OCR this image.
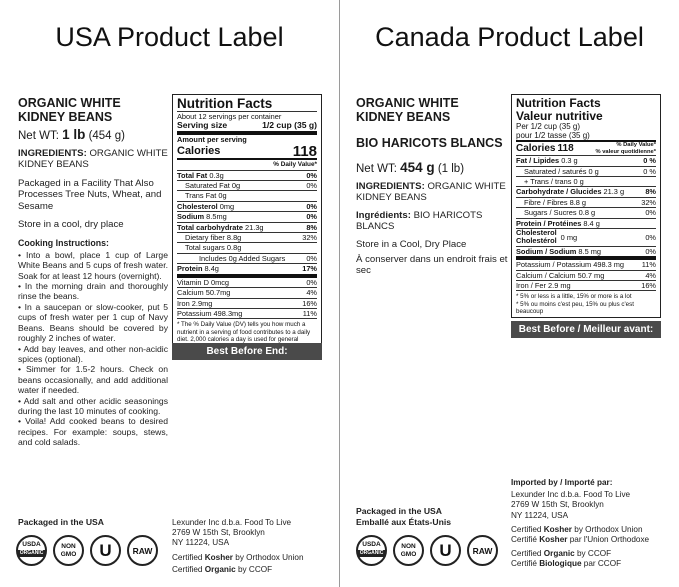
USA Product Label
ORGANIC WHITE KIDNEY BEANS
Net WT: 1 lb (454 g)
INGREDIENTS: ORGANIC WHITE KIDNEY BEANS
Packaged in a Facility That Also Processes Tree Nuts, Wheat, and Sesame
Store in a cool, dry place
Cooking Instructions:

• Into a bowl, place 1 cup of Large White Beans and 5 cups of fresh water. Soak for at least 12 hours (overnight).

• In the morning drain and thoroughly rinse the beans.

• In a saucepan or slow-cooker, put 5 cups of fresh water per 1 cup of Navy Beans. Beans should be covered by roughly 2 inches of water.

• Add bay leaves, and other non-acidic spices (optional).

• Simmer for 1.5-2 hours. Check on beans occasionally, and add additional water if needed.

• Add salt and other acidic seasonings during the last 10 minutes of cooking.

• Voila! Add cooked beans to desired recipes. For example: soups, stews, and cold salads.

Nutrition Facts
About 12 servings per container
Serving size	1/2 cup (35 g)
Amount per serving
Calories	118
% Daily Value*
Total Fat 0.3g	0%
Saturated Fat 0g	0%
Trans Fat 0g
Cholesterol 0mg	0%
Sodium 8.5mg	0%
Total carbohydrate 21.3g	8%
Dietary fiber 8.8g	32%
Total sugars 0.8g
Includes 0g Added Sugars	0%
Protein 8.4g	17%
Vitamin D 0mcg	0%
Calcium 50.7mg	4%
Iron 2.9mg	16%
Potassium 498.3mg	11%
* The % Daily Value (DV) tells you how much a nutrient in a serving of food contributes to a daily diet. 2,000 calories a day is used for general
Best Before End:
Packaged in the USA
USDA
ORGANIC
NON GMO	U	RAW
Lexunder Inc d.b.a. Food To Live
2769 W 15th St, Brooklyn
NY 11224, USA

Certified Kosher by Orthodox Union

Certified Organic by CCOF

Canada Product Label
ORGANIC WHITE KIDNEY BEANS
BIO HARICOTS BLANCS
Net WT: 454 g (1 lb)
INGREDIENTS: ORGANIC WHITE KIDNEY BEANS
Ingrédients: BIO HARICOTS BLANCS
Store in a Cool, Dry Place
À conserver dans un endroit frais et sec
Nutrition Facts
Valeur nutritive
Per 1/2 cup (35 g)
pour 1/2 tasse (35 g)
Calories 118	% Daily Value*
% valeur quotidienne*
Fat / Lipides 0.3 g	0 %
Saturated / saturés 0 g	0 %
+ Trans / trans 0 g
Carbohydrate / Glucides 21.3 g	8%
Fibre / Fibres 8.8 g	32%
Sugars / Sucres 0.8 g	0%
Protein / Protéines 8.4 g
Cholesterol
Cholestérol 0 mg	0%
Sodium / Sodium 8.5 mg	0%
Potassium / Potassium 498.3 mg 11%
Calcium / Calcium 50.7 mg	4%
Iron / Fer 2.9 mg	16%
* 5% or less is a little, 15% or more is a lot
* 5% ou moins c'est peu, 15% ou plus c'est beaucoup
Best Before / Meilleur avant:

Imported by / Importé par:

Lexunder Inc d.b.a. Food To Live
2769 W 15th St, Brooklyn
NY 11224, USA
Certified Kosher by Orthodox Union
Certifié Kosher par l'Union Orthodoxe
Certified Organic by CCOF
Certifié Biologique par CCOF
Packaged in the USA
Emballé aux États-Unis
USDA
ORGANIC
NON GMO	U	RAW
